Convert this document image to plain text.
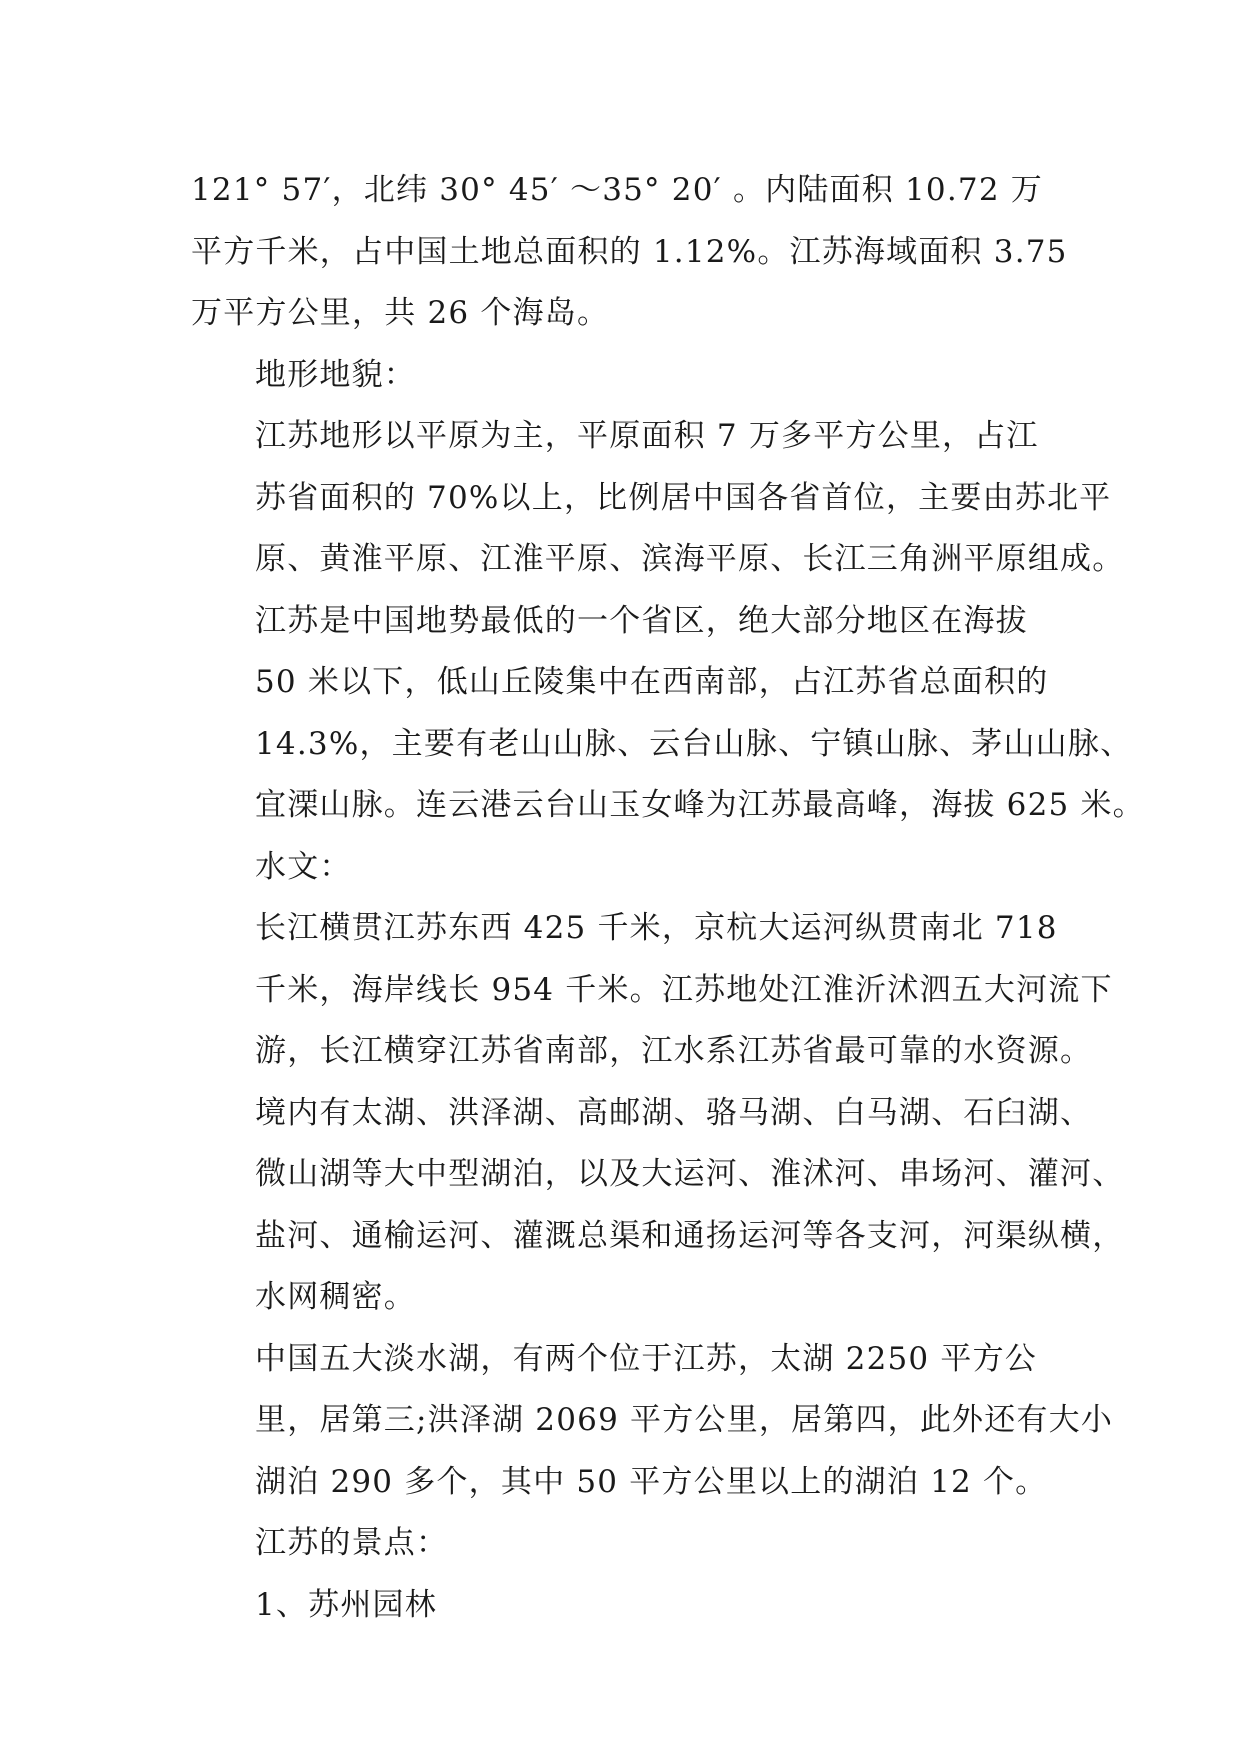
121° 57′，北纬 30° 45′ ～35° 20′ 。内陆面积 10.72 万
平方千米，占中国土地总面积的 1.12%。江苏海域面积 3.75
万平方公里，共 26 个海岛。

地形地貌：

江苏地形以平原为主，平原面积 7 万多平方公里，占江
苏省面积的 70%以上，比例居中国各省首位，主要由苏北平
原、黄淮平原、江淮平原、滨海平原、长江三角洲平原组成。

江苏是中国地势最低的一个省区，绝大部分地区在海拔
50 米以下，低山丘陵集中在西南部，占江苏省总面积的
14.3%，主要有老山山脉、云台山脉、宁镇山脉、茅山山脉、
宜溧山脉。连云港云台山玉女峰为江苏最高峰，海拔 625 米。

水文：

长江横贯江苏东西 425 千米，京杭大运河纵贯南北 718
千米，海岸线长 954 千米。江苏地处江淮沂沭泗五大河流下
游，长江横穿江苏省南部，江水系江苏省最可靠的水资源。
境内有太湖、洪泽湖、高邮湖、骆马湖、白马湖、石臼湖、
微山湖等大中型湖泊，以及大运河、淮沭河、串场河、灌河、
盐河、通榆运河、灌溉总渠和通扬运河等各支河，河渠纵横，
水网稠密。

中国五大淡水湖，有两个位于江苏，太湖 2250 平方公
里，居第三;洪泽湖 2069 平方公里，居第四，此外还有大小
湖泊 290 多个，其中 50 平方公里以上的湖泊 12 个。

江苏的景点：

1、苏州园林
